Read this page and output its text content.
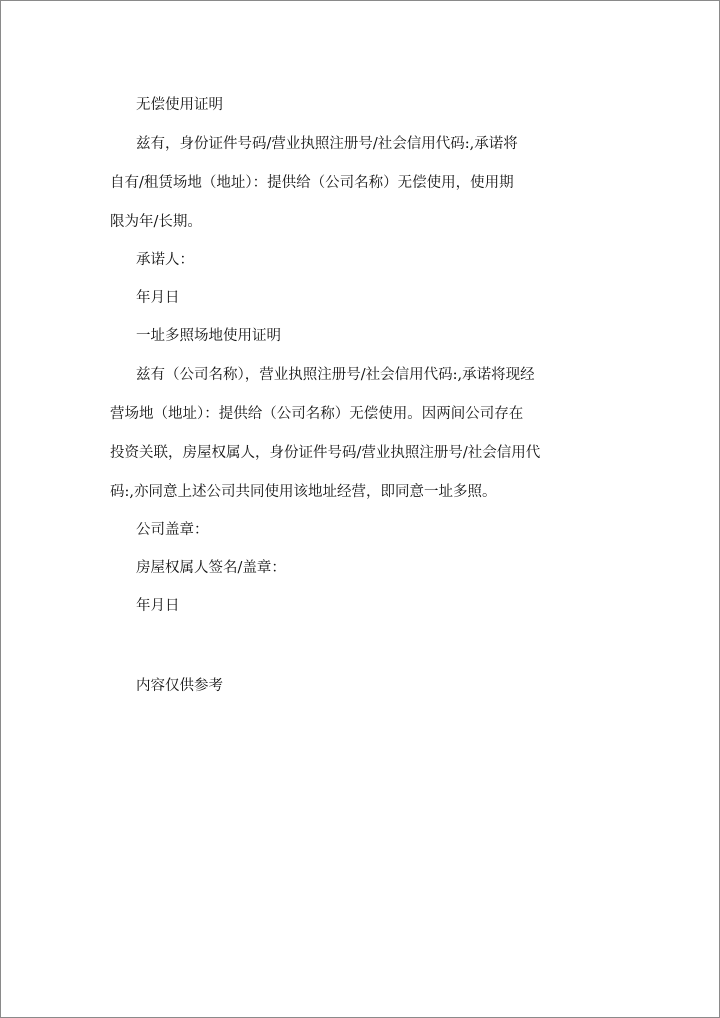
无偿使用证明
兹有，身份证件号码/营业执照注册号/社会信用代码:,承诺将
自有/租赁场地（地址）：提供给（公司名称）无偿使用，使用期
限为年/长期。
承诺人：
年月日
一址多照场地使用证明
兹有（公司名称），营业执照注册号/社会信用代码:,承诺将现经
营场地（地址）：提供给（公司名称）无偿使用。因两间公司存在
投资关联，房屋权属人，身份证件号码/营业执照注册号/社会信用代
码:,亦同意上述公司共同使用该地址经营，即同意一址多照。
公司盖章：
房屋权属人签名/盖章：
年月日
内容仅供参考
